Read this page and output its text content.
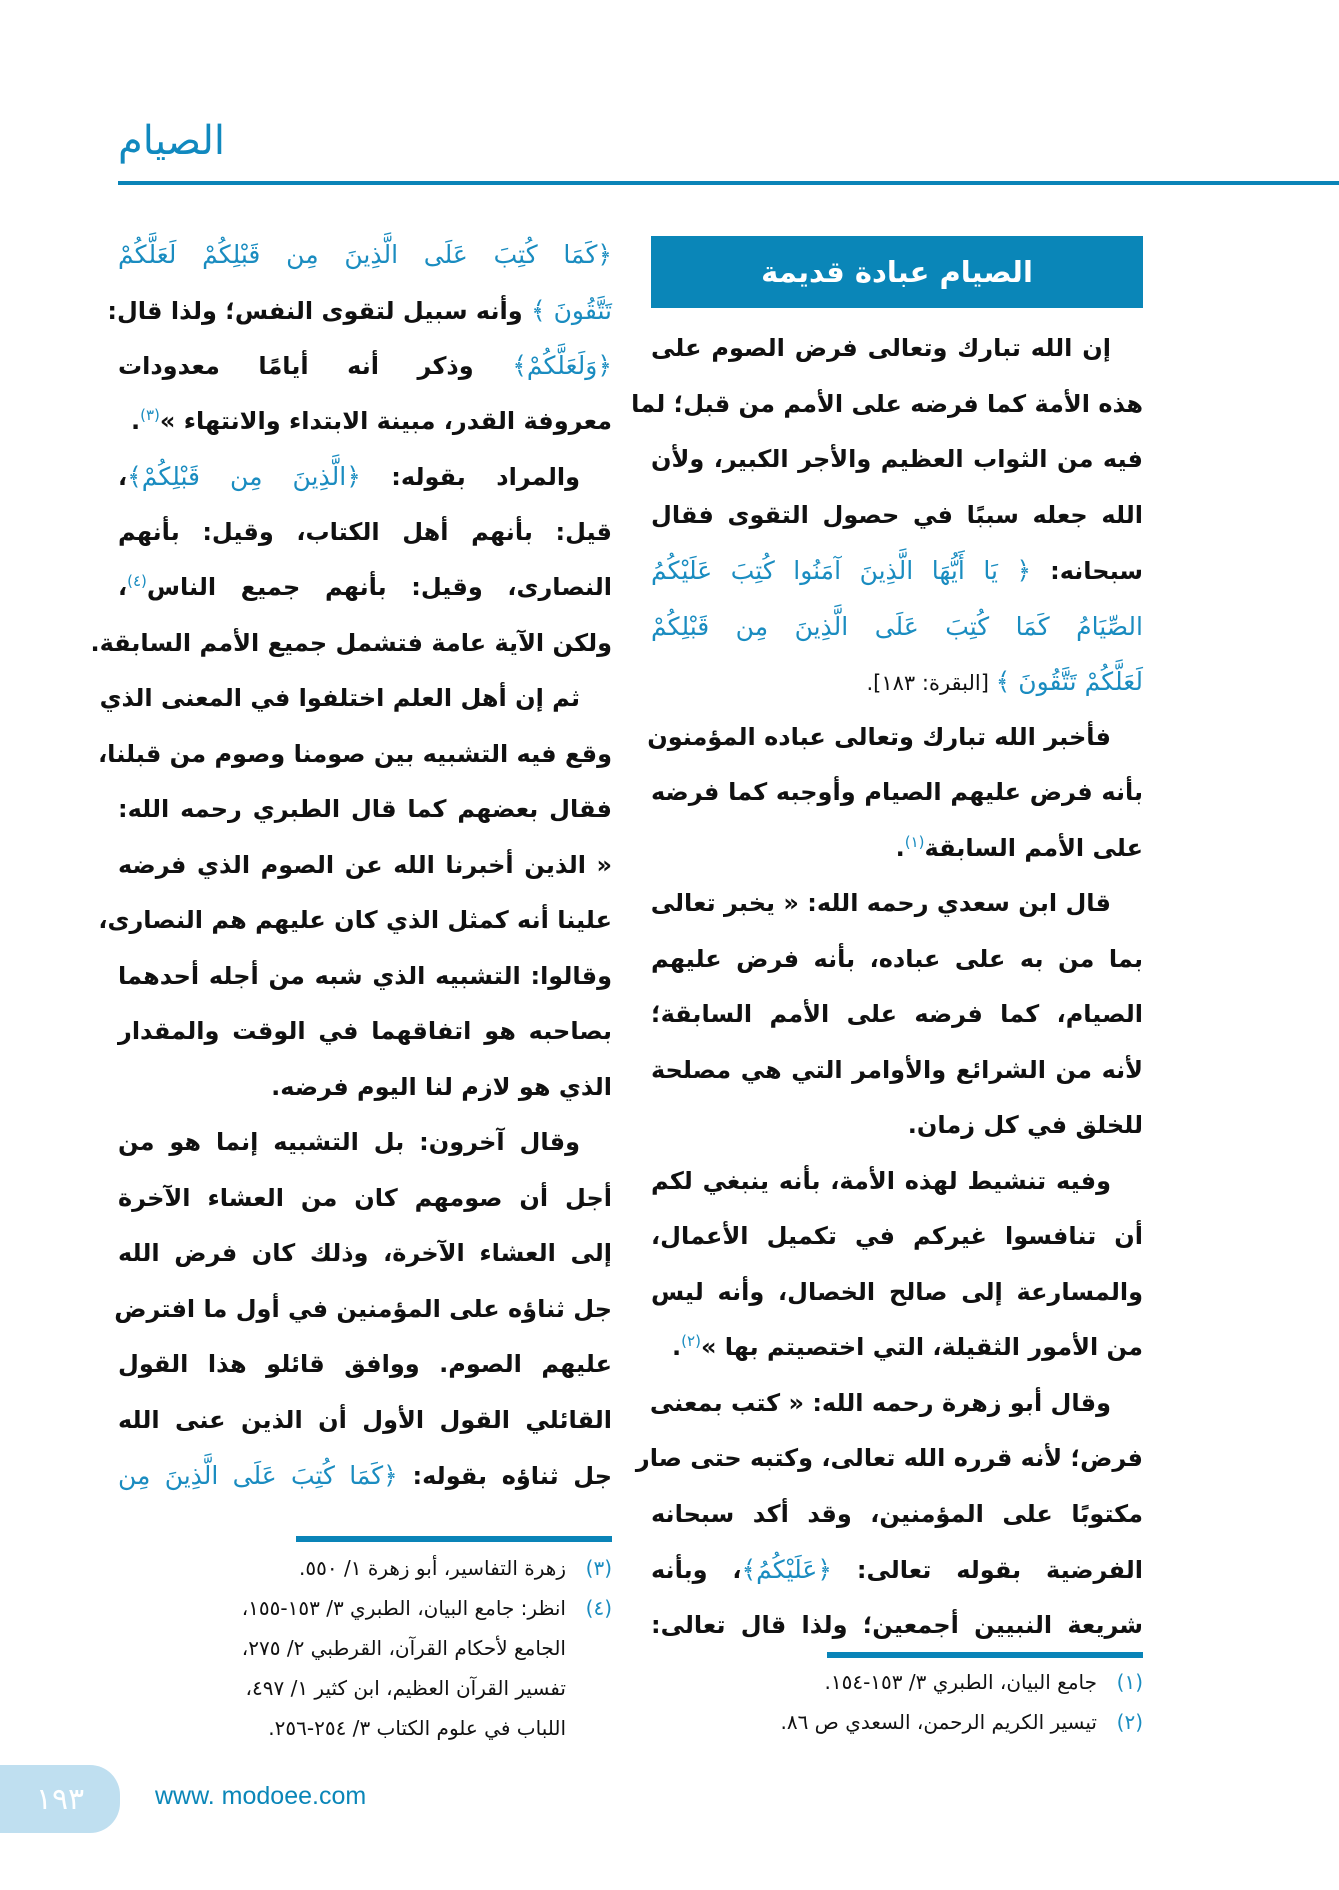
الصيام
الصيام عبادة قديمة
إن الله تبارك وتعالى فرض الصوم على
هذه الأمة كما فرضه على الأمم من قبل؛ لما
فيه من الثواب العظيم والأجر الكبير، ولأن
الله جعله سببًا في حصول التقوى فقال
سبحانه: ﴿ يَا أَيُّهَا الَّذِينَ آمَنُوا كُتِبَ عَلَيْكُمُ
الصِّيَامُ كَمَا كُتِبَ عَلَى الَّذِينَ مِن قَبْلِكُمْ
لَعَلَّكُمْ تَتَّقُونَ ﴾ [البقرة: ١٨٣].
فأخبر الله تبارك وتعالى عباده المؤمنون
بأنه فرض عليهم الصيام وأوجبه كما فرضه
على الأمم السابقة$^{(١)}$.
قال ابن سعدي رحمه الله: « يخبر تعالى
بما من به على عباده، بأنه فرض عليهم
الصيام، كما فرضه على الأمم السابقة؛
لأنه من الشرائع والأوامر التي هي مصلحة
للخلق في كل زمان.
وفيه تنشيط لهذه الأمة، بأنه ينبغي لكم
أن تنافسوا غيركم في تكميل الأعمال،
والمسارعة إلى صالح الخصال، وأنه ليس
من الأمور الثقيلة، التي اختصيتم بها »$^{(٢)}$.
وقال أبو زهرة رحمه الله: « كتب بمعنى
فرض؛ لأنه قرره الله تعالى، وكتبه حتى صار
مكتوبًا على المؤمنين، وقد أكد سبحانه
الفرضية بقوله تعالى: ﴿عَلَيْكُمُ﴾، وبأنه
شريعة النبيين أجمعين؛ ولذا قال تعالى:
﴿كَمَا كُتِبَ عَلَى الَّذِينَ مِن قَبْلِكُمْ لَعَلَّكُمْ
تَتَّقُونَ ﴾ وأنه سبيل لتقوى النفس؛ ولذا قال:
﴿وَلَعَلَّكُمْ﴾ وذكر أنه أيامًا معدودات
معروفة القدر، مبينة الابتداء والانتهاء »$^{(٣)}$.
والمراد بقوله: ﴿الَّذِينَ مِن قَبْلِكُمْ﴾،
قيل: بأنهم أهل الكتاب، وقيل: بأنهم
النصارى، وقيل: بأنهم جميع الناس$^{(٤)}$،
ولكن الآية عامة فتشمل جميع الأمم السابقة.
ثم إن أهل العلم اختلفوا في المعنى الذي
وقع فيه التشبيه بين صومنا وصوم من قبلنا،
فقال بعضهم كما قال الطبري رحمه الله:
« الذين أخبرنا الله عن الصوم الذي فرضه
علينا أنه كمثل الذي كان عليهم هم النصارى،
وقالوا: التشبيه الذي شبه من أجله أحدهما
بصاحبه هو اتفاقهما في الوقت والمقدار
الذي هو لازم لنا اليوم فرضه.
وقال آخرون: بل التشبيه إنما هو من
أجل أن صومهم كان من العشاء الآخرة
إلى العشاء الآخرة، وذلك كان فرض الله
جل ثناؤه على المؤمنين في أول ما افترض
عليهم الصوم. ووافق قائلو هذا القول
القائلي القول الأول أن الذين عنى الله
جل ثناؤه بقوله: ﴿كَمَا كُتِبَ عَلَى الَّذِينَ مِن
(٣)زهرة التفاسير، أبو زهرة ١/ ٥٥٠.
(٤)انظر: جامع البيان، الطبري ٣/ ١٥٣-١٥٥،
الجامع لأحكام القرآن، القرطبي ٢/ ٢٧٥،
تفسير القرآن العظيم، ابن كثير ١/ ٤٩٧،
اللباب في علوم الكتاب ٣/ ٢٥٤-٢٥٦.
(١)جامع البيان، الطبري ٣/ ١٥٣-١٥٤.
(٢)تيسير الكريم الرحمن، السعدي ص ٨٦.
١٩٣	www. modoee.com
